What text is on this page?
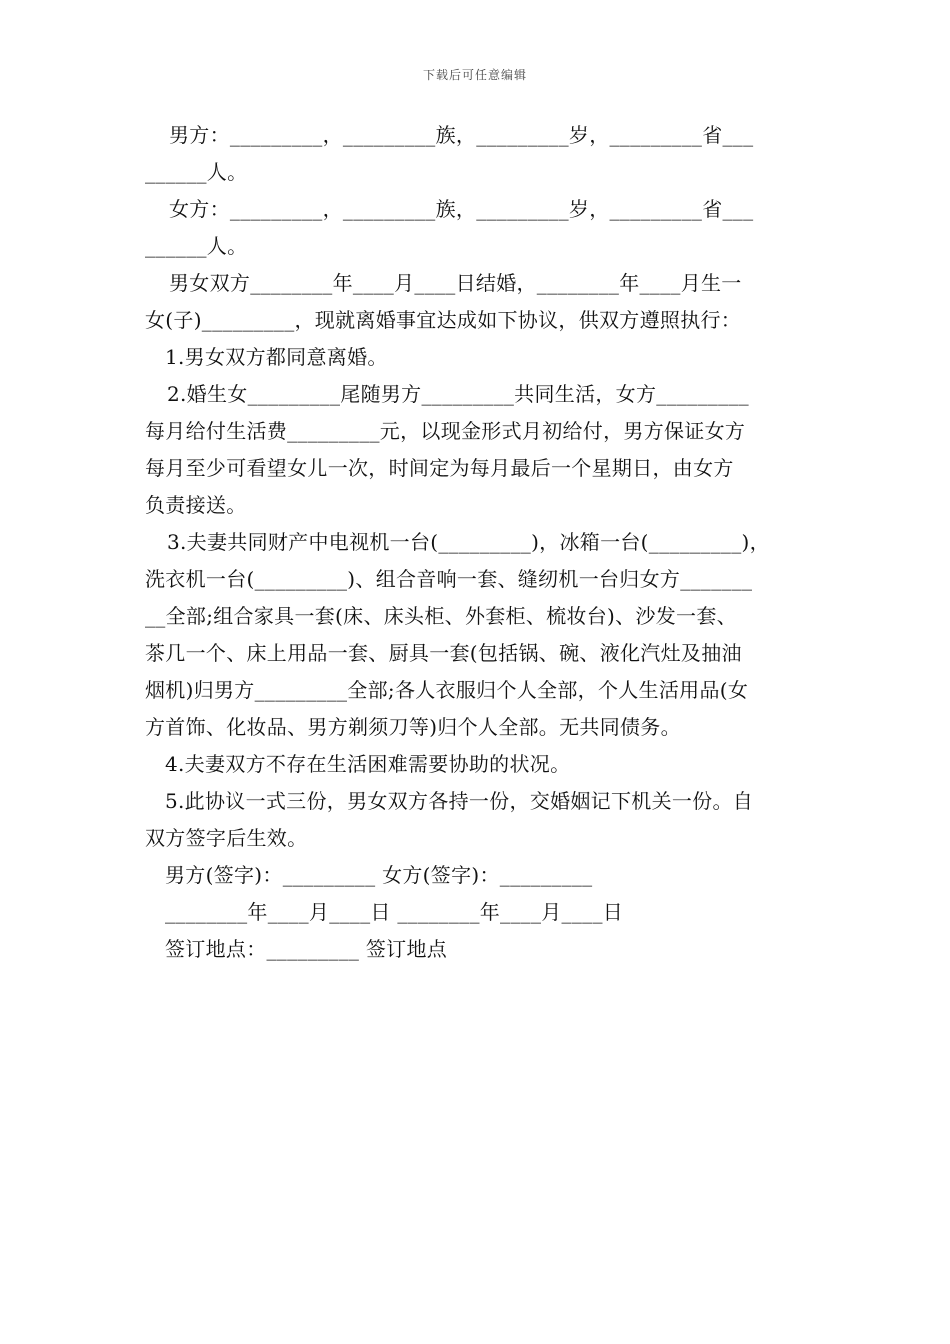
下载后可任意编辑
男方：_________，_________族，_________岁，_________省___
______人。
女方：_________，_________族，_________岁，_________省___
______人。
男女双方________年____月____日结婚，________年____月生一
女(子)_________，现就离婚事宜达成如下协议，供双方遵照执行：
1.男女双方都同意离婚。
2.婚生女_________尾随男方_________共同生活，女方_________
每月给付生活费_________元，以现金形式月初给付，男方保证女方
每月至少可看望女儿一次，时间定为每月最后一个星期日，由女方
负责接送。
3.夫妻共同财产中电视机一台(_________)，冰箱一台(_________)，
洗衣机一台(_________)、组合音响一套、缝纫机一台归女方_______
__全部;组合家具一套(床、床头柜、外套柜、梳妆台)、沙发一套、
茶几一个、床上用品一套、厨具一套(包括锅、碗、液化汽灶及抽油
烟机)归男方_________全部;各人衣服归个人全部，个人生活用品(女
方首饰、化妆品、男方剃须刀等)归个人全部。无共同债务。
4.夫妻双方不存在生活困难需要协助的状况。
5.此协议一式三份，男女双方各持一份，交婚姻记下机关一份。自
双方签字后生效。
男方(签字)：_________ 女方(签字)：_________
________年____月____日 ________年____月____日
签订地点：_________ 签订地点
